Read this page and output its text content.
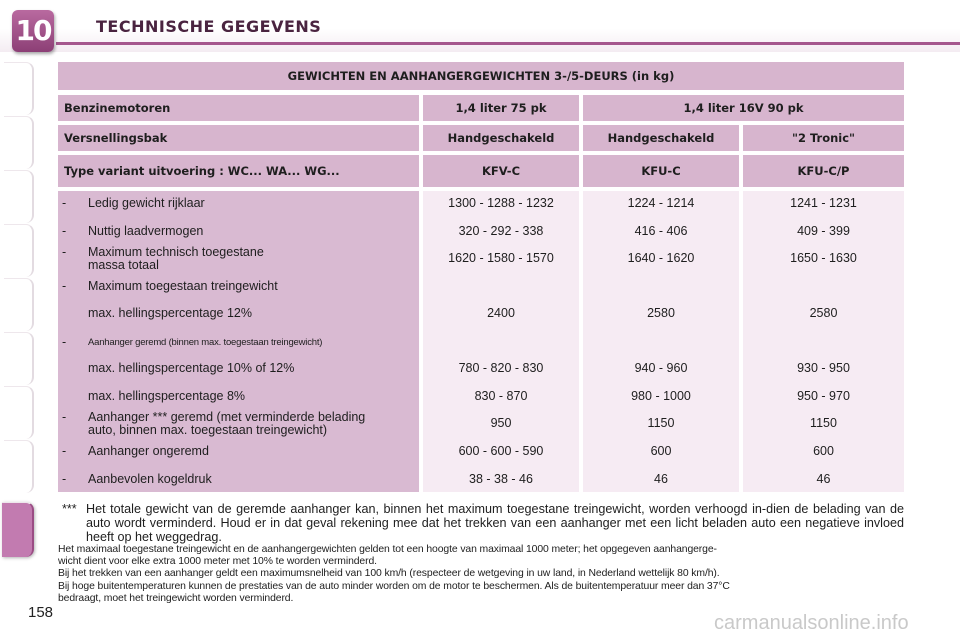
10	TECHNISCHE GEGEVENS
GEWICHTEN EN AANHANGERGEWICHTEN 3-/5-DEURS (in kg)
Benzinemotoren	1,4 liter 75 pk	1,4 liter 16V 90 pk
Versnellingsbak	Handgeschakeld	Handgeschakeld	"2 Tronic"
Type variant uitvoering : WC... WA... WG...	KFV-C	KFU-C	KFU-C/P
- Ledig gewicht rijklaar	1300 - 1288 - 1232	1224 - 1214	1241 - 1231
- Nuttig laadvermogen	320 - 292 - 338	416 - 406	409 - 399
- Maximum technisch toegestane
massa totaal	1620 - 1580 - 1570	1640 - 1620	1650 - 1630
- Maximum toegestaan treingewicht
max. hellingspercentage 12%	2400	2580	2580
- Aanhanger geremd (binnen max. toegestaan treingewicht)
max. hellingspercentage 10% of 12%	780 - 820 - 830	940 - 960	930 - 950
max. hellingspercentage 8%	830 - 870	980 - 1000	950 - 970
- Aanhanger *** geremd (met verminderde belading
auto, binnen max. toegestaan treingewicht)	950	1150	1150
- Aanhanger ongeremd	600 - 600 - 590	600	600
- Aanbevolen kogeldruk	38 - 38 - 46	46	46
*** Het totale gewicht van de geremde aanhanger kan, binnen het maximum toegestane treingewicht, worden verhoogd in-dien de belading van de auto wordt verminderd. Houd er in dat geval rekening mee dat het trekken van een aanhanger met een licht beladen auto een negatieve invloed heeft op het weggedrag.
Het maximaal toegestane treingewicht en de aanhangergewichten gelden tot een hoogte van maximaal 1000 meter; het opgegeven aanhangerge-
wicht dient voor elke extra 1000 meter met 10% te worden verminderd.
Bij het trekken van een aanhanger geldt een maximumsnelheid van 100 km/h (respecteer de wetgeving in uw land, in Nederland wettelijk 80 km/h).
Bij hoge buitentemperaturen kunnen de prestaties van de auto minder worden om de motor te beschermen. Als de buitentemperatuur meer dan 37°C
bedraagt, moet het treingewicht worden verminderd.
158	carmanualsonline.info
